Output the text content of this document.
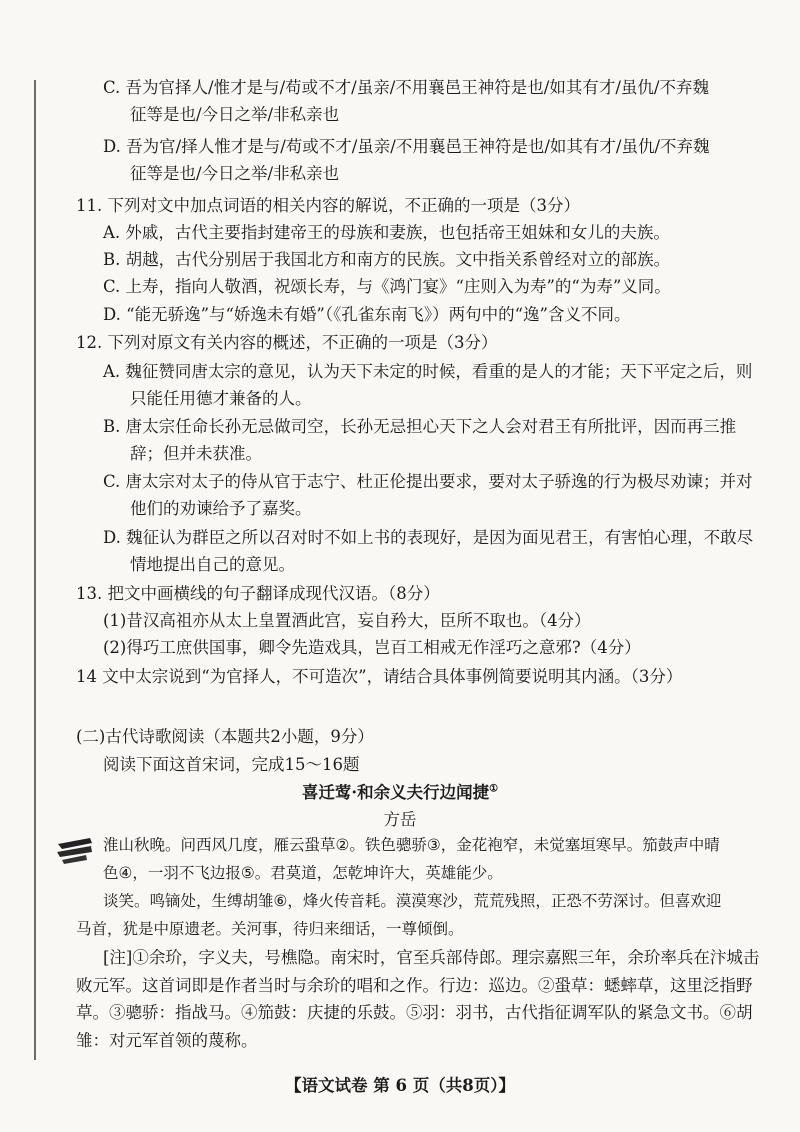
C. 吾为官择人/惟才是与/苟或不才/虽亲/不用襄邑王神符是也/如其有才/虽仇/不弃魏
征等是也/今日之举/非私亲也
D. 吾为官/择人惟才是与/苟或不才/虽亲/不用襄邑王神符是也/如其有才/虽仇/不弃魏
征等是也/今日之举/非私亲也
11. 下列对文中加点词语的相关内容的解说，不正确的一项是（3分）
A. 外戚，古代主要指封建帝王的母族和妻族，也包括帝王姐妹和女儿的夫族。
B. 胡越，古代分别居于我国北方和南方的民族。文中指关系曾经对立的部族。
C. 上寿，指向人敬酒，祝颂长寿，与《鸿门宴》“庄则入为寿”的“为寿”义同。
D. “能无骄逸”与“娇逸未有婚”（《孔雀东南飞》）两句中的“逸”含义不同。
12. 下列对原文有关内容的概述，不正确的一项是（3分）
A. 魏征赞同唐太宗的意见，认为天下未定的时候，看重的是人的才能；天下平定之后，则
只能任用德才兼备的人。
B. 唐太宗任命长孙无忌做司空，长孙无忌担心天下之人会对君王有所批评，因而再三推
辞；但并未获准。
C. 唐太宗对太子的侍从官于志宁、杜正伦提出要求，要对太子骄逸的行为极尽劝谏；并对
他们的劝谏给予了嘉奖。
D. 魏征认为群臣之所以召对时不如上书的表现好，是因为面见君王，有害怕心理，不敢尽
情地提出自己的意见。
13. 把文中画横线的句子翻译成现代汉语。（8分）
(1)昔汉高祖亦从太上皇置酒此宫，妄自矜大，臣所不取也。（4分）
(2)得巧工庶供国事，卿令先造戏具，岂百工相戒无作淫巧之意邪?（4分）
14 文中太宗说到“为官择人，不可造次”，请结合具体事例简要说明其内涵。（3分）
(二)古代诗歌阅读（本题共2小题，9分）
阅读下面这首宋词，完成15～16题
喜迁莺·和余义夫行边闻捷①
方岳
淮山秋晚。问西风几度，雁云蛩草②。铁色骢骄③，金花袍窄，未觉塞垣寒早。笳鼓声中晴
色④，一羽不飞边报⑤。君莫道，怎乾坤许大，英雄能少。
谈笑。鸣镝处，生缚胡雏⑥，烽火传音耗。漠漠寒沙，荒荒残照，正恐不劳深讨。但喜欢迎
马首，犹是中原遗老。关河事，待归来细话，一尊倾倒。
[注]①余玠，字义夫，号樵隐。南宋时，官至兵部侍郎。理宗嘉熙三年，余玠率兵在汴城击
败元军。这首词即是作者当时与余玠的唱和之作。行边：巡边。②蛩草：蟋蟀草，这里泛指野
草。③骢骄：指战马。④笳鼓：庆捷的乐鼓。⑤羽：羽书，古代指征调军队的紧急文书。⑥胡
雏：对元军首领的蔑称。
【语文试卷 第 6 页（共8页）】
